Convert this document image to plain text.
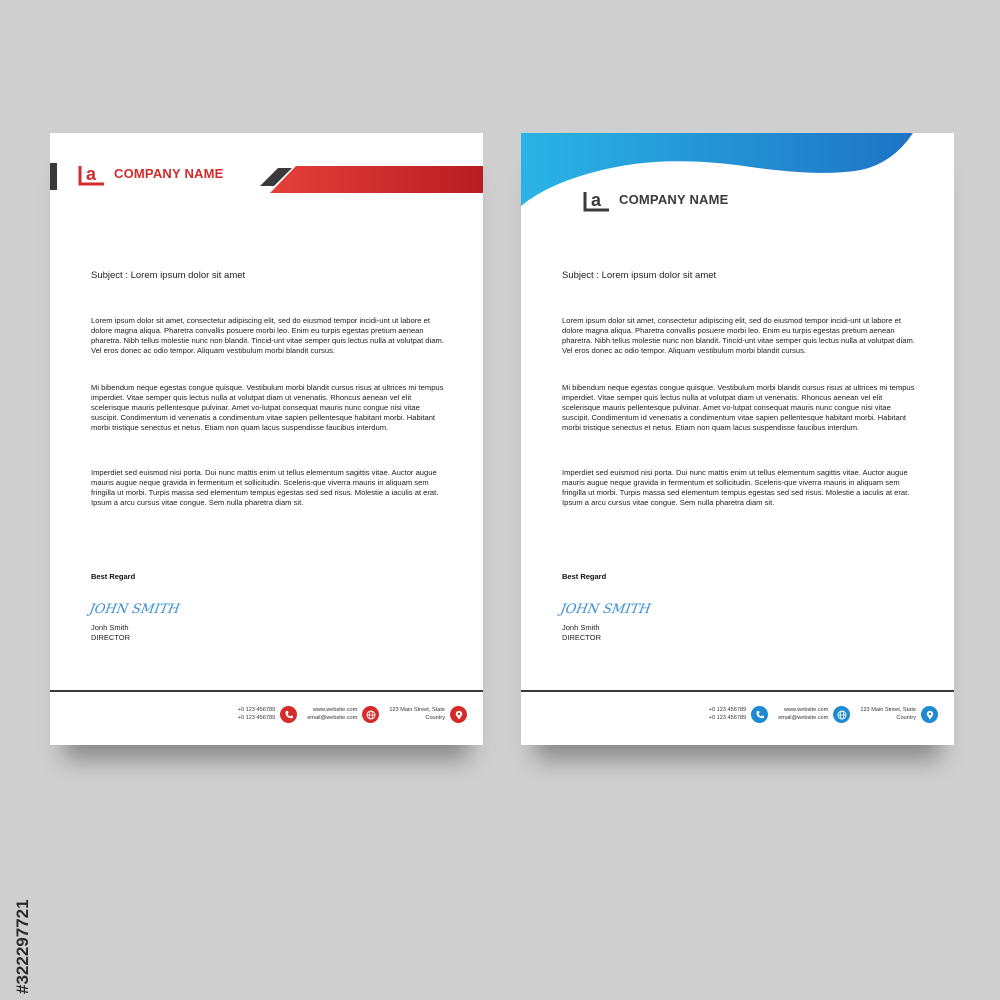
a COMPANY NAME
Subject : Lorem ipsum dolor sit amet

Lorem ipsum dolor sit amet, consectetur adipiscing elit, sed do eiusmod tempor incidi-unt ut labore et dolore magna aliqua. Pharetra convallis posuere morbi leo. Enim eu turpis egestas pretium aenean pharetra. Nibh tellus molestie nunc non blandit. Tincid-unt vitae semper quis lectus nulla at volutpat diam. Vel eros donec ac odio tempor. Aliquam vestibulum morbi blandit cursus.

Mi bibendum neque egestas congue quisque. Vestibulum morbi blandit cursus risus at ultrices mi tempus imperdiet. Vitae semper quis lectus nulla at volutpat diam ut venenatis. Rhoncus aenean vel elit scelerisque mauris pellentesque pulvinar. Amet vo-lutpat consequat mauris nunc congue nisi vitae suscipit. Condimentum id venenatis a condimentum vitae sapien pellentesque habitant morbi. Habitant morbi tristique senectus et netus. Etiam non quam lacus suspendisse faucibus interdum.

Imperdiet sed euismod nisi porta. Dui nunc mattis enim ut tellus elementum sagittis vitae. Auctor augue mauris augue neque gravida in fermentum et sollicitudin. Sceleris-que viverra mauris in aliquam sem fringilla ut morbi. Turpis massa sed elementum tempus egestas sed sed risus. Molestie a iaculis at erat. Ipsum a arcu cursus vitae congue. Sem nulla pharetra diam sit.

Best Regard
JOHN SMITH
Jonh Smith
DIRECTOR
+0 123 456789
+0 123 456789
www.website.com
email@website.com
123 Main Street, State
Country
a COMPANY NAME
Subject : Lorem ipsum dolor sit amet

Lorem ipsum dolor sit amet, consectetur adipiscing elit, sed do eiusmod tempor incidi-unt ut labore et dolore magna aliqua. Pharetra convallis posuere morbi leo. Enim eu turpis egestas pretium aenean pharetra. Nibh tellus molestie nunc non blandit. Tincid-unt vitae semper quis lectus nulla at volutpat diam. Vel eros donec ac odio tempor. Aliquam vestibulum morbi blandit cursus.

Mi bibendum neque egestas congue quisque. Vestibulum morbi blandit cursus risus at ultrices mi tempus imperdiet. Vitae semper quis lectus nulla at volutpat diam ut venenatis. Rhoncus aenean vel elit scelerisque mauris pellentesque pulvinar. Amet vo-lutpat consequat mauris nunc congue nisi vitae suscipit. Condimentum id venenatis a condimentum vitae sapien pellentesque habitant morbi. Habitant morbi tristique senectus et netus. Etiam non quam lacus suspendisse faucibus interdum.

Imperdiet sed euismod nisi porta. Dui nunc mattis enim ut tellus elementum sagittis vitae. Auctor augue mauris augue neque gravida in fermentum et sollicitudin. Sceleris-que viverra mauris in aliquam sem fringilla ut morbi. Turpis massa sed elementum tempus egestas sed sed risus. Molestie a iaculis at erat. Ipsum a arcu cursus vitae congue. Sem nulla pharetra diam sit.

Best Regard
JOHN SMITH
Jonh Smith
DIRECTOR
+0 123 456789
+0 123 456789
www.website.com
email@website.com
123 Main Street, State
Country
#322297721
